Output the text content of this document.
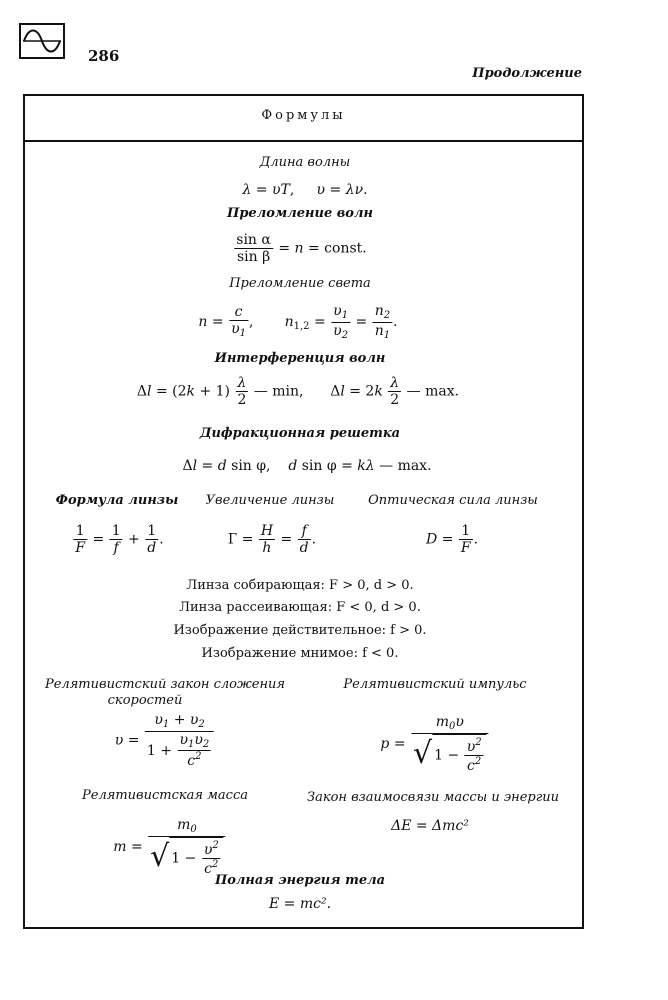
286
Продолжение
Формулы
Длина волны
λ = υT,     υ = λν.
Преломление волн
$\frac{\text{sin α}}{\text{sin β}} = n$ = const.
Преломление света
$n = \frac{c}{\upsilon_1}$ ,       $n_{1,2} = \frac{\upsilon_1}{\upsilon_2} = \frac{n_2}{n_1}$ .
Интерференция волн
$\Delta l = (2k + 1) \frac{\lambda}{2}$ — min,      $\Delta l = 2k \frac{\lambda}{2}$ — max.
Дифракционная решетка
Δl = d sin φ,    d sin φ = kλ — max.
Формула линзы Увеличение линзы	Оптическая сила линзы
$\frac{1}{F} = \frac{1}{f} + \frac{1}{d}$ .	$Г = \frac{H}{h} = \frac{f}{d}$ .	$D = \frac{1}{F}$ .
Линза собирающая: F > 0, d > 0.
Линза рассеивающая: F < 0, d > 0.
Изображение действительное: f > 0.
Изображение мнимое: f < 0.
Релятивистский закон сложения
скоростей
Релятивистский импульс
$\upsilon = \frac{\upsilon_1 + \upsilon_2}{1 + \frac{\upsilon_1\upsilon_2}{c^2}}$	$p = \frac{m_0\upsilon}{√ 1 - \frac{\upsilon^2}{c^2}}$
Релятивистская масса	Закон взаимосвязи массы и энергии
$m = \frac{m_0}{√ 1 - \frac{\upsilon^2}{c^2}}$	ΔE = Δmc²
Полная энергия тела
E = mc².
